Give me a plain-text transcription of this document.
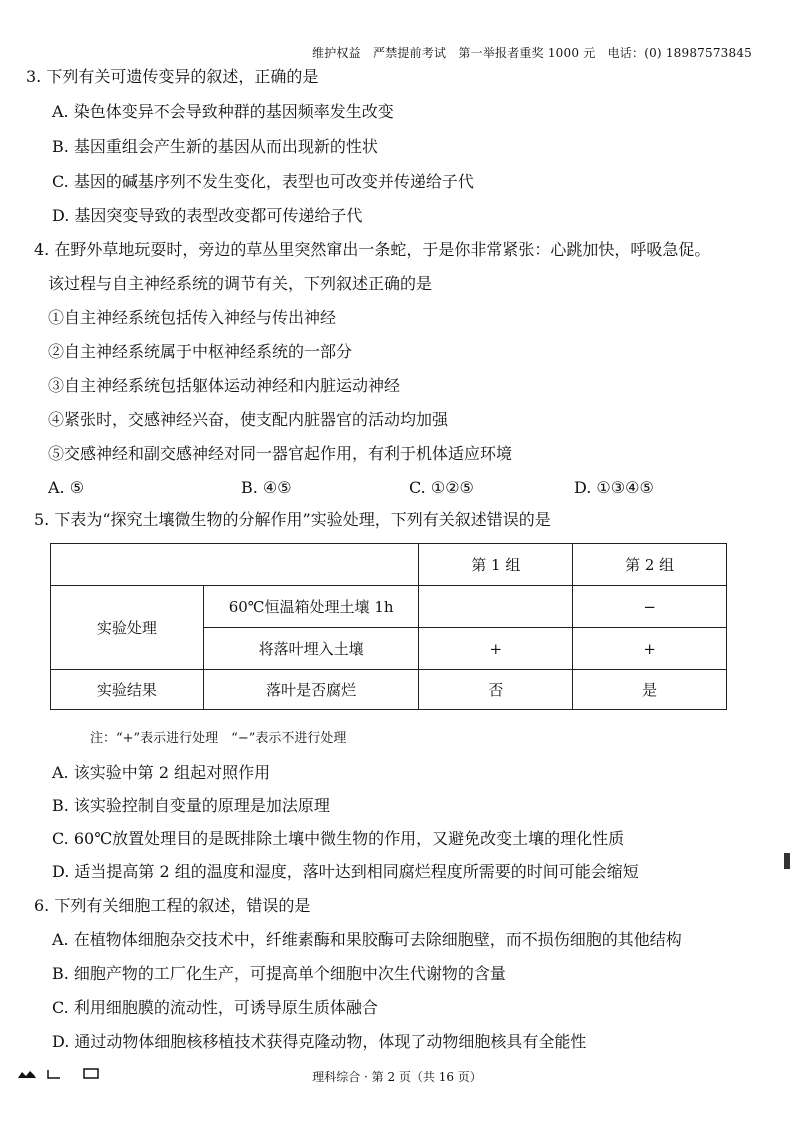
维护权益　严禁提前考试　第一举报者重奖 1000 元　电话：(0) 18987573845
3. 下列有关可遗传变异的叙述，正确的是
A. 染色体变异不会导致种群的基因频率发生改变
B. 基因重组会产生新的基因从而出现新的性状
C. 基因的碱基序列不发生变化，表型也可改变并传递给子代
D. 基因突变导致的表型改变都可传递给子代
4. 在野外草地玩耍时，旁边的草丛里突然窜出一条蛇，于是你非常紧张：心跳加快，呼吸急促。
该过程与自主神经系统的调节有关，下列叙述正确的是
①自主神经系统包括传入神经与传出神经
②自主神经系统属于中枢神经系统的一部分
③自主神经系统包括躯体运动神经和内脏运动神经
④紧张时，交感神经兴奋，使支配内脏器官的活动均加强
⑤交感神经和副交感神经对同一器官起作用，有利于机体适应环境
A. ⑤	B. ④⑤	C. ①②⑤	D. ①③④⑤
5. 下表为“探究土壤微生物的分解作用”实验处理，下列有关叙述错误的是
		第 1 组	第 2 组
实验处理	60℃恒温箱处理土壤 1h		−
	将落叶埋入土壤	+	+
实验结果	落叶是否腐烂	否	是
注：“+”表示进行处理　“−”表示不进行处理
A. 该实验中第 2 组起对照作用
B. 该实验控制自变量的原理是加法原理
C. 60℃放置处理目的是既排除土壤中微生物的作用，又避免改变土壤的理化性质
D. 适当提高第 2 组的温度和湿度，落叶达到相同腐烂程度所需要的时间可能会缩短
6. 下列有关细胞工程的叙述，错误的是
A. 在植物体细胞杂交技术中，纤维素酶和果胶酶可去除细胞壁，而不损伤细胞的其他结构
B. 细胞产物的工厂化生产，可提高单个细胞中次生代谢物的含量
C. 利用细胞膜的流动性，可诱导原生质体融合
D. 通过动物体细胞核移植技术获得克隆动物，体现了动物细胞核具有全能性
理科综合 · 第 2 页（共 16 页）
